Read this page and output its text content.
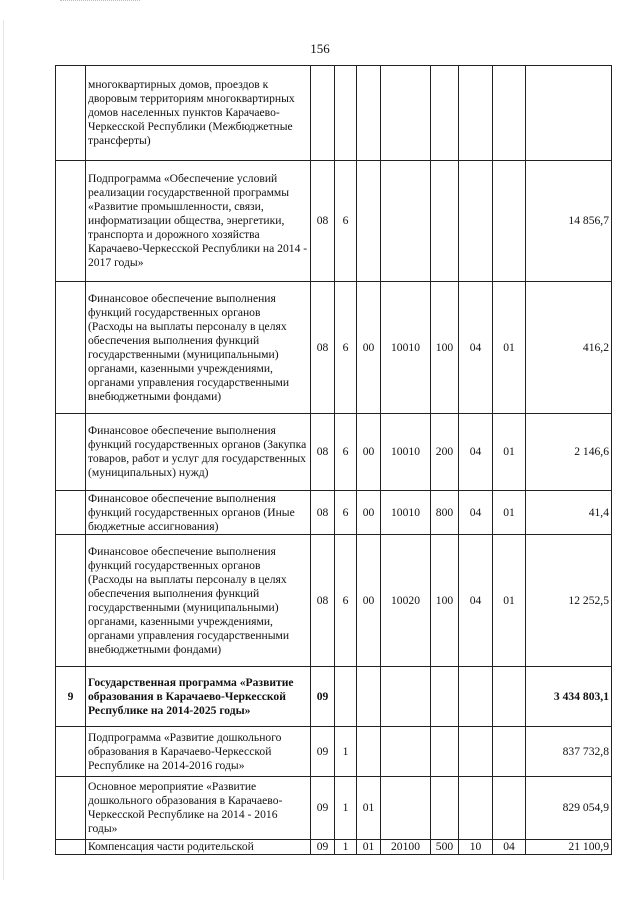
156
	многоквартирных домов, проездов к дворовым территориям многоквартирных домов населенных пунктов Карачаево-Черкесской Республики (Межбюджетные трансферты)								
	Подпрограмма «Обеспечение условий реализации государственной программы «Развитие промышленности, связи, информатизации общества, энергетики, транспорта и дорожного хозяйства Карачаево-Черкесской Республики на 2014 - 2017 годы»	08	6						14 856,7
	Финансовое обеспечение выполнения функций государственных органов (Расходы на выплаты персоналу в целях обеспечения выполнения функций государственными (муниципальными) органами, казенными учреждениями, органами управления государственными внебюджетными фондами)	08	6	00	10010	100	04	01	416,2
	Финансовое обеспечение выполнения функций государственных органов (Закупка товаров, работ и услуг для государственных (муниципальных) нужд)	08	6	00	10010	200	04	01	2 146,6
	Финансовое обеспечение выполнения функций государственных органов (Иные бюджетные ассигнования)	08	6	00	10010	800	04	01	41,4
	Финансовое обеспечение выполнения функций государственных органов (Расходы на выплаты персоналу в целях обеспечения выполнения функций государственными (муниципальными) органами, казенными учреждениями, органами управления государственными внебюджетными фондами)	08	6	00	10020	100	04	01	12 252,5
9	Государственная программа «Развитие образования в Карачаево-Черкесской Республике на 2014-2025 годы»	09							3 434 803,1
	Подпрограмма «Развитие дошкольного образования в Карачаево-Черкесской Республике на 2014-2016 годы»	09	1						837 732,8
	Основное мероприятие «Развитие дошкольного образования в Карачаево-Черкесской Республике на 2014 - 2016 годы»	09	1	01					829 054,9
	Компенсация части родительской	09	1	01	20100	500	10	04	21 100,9
